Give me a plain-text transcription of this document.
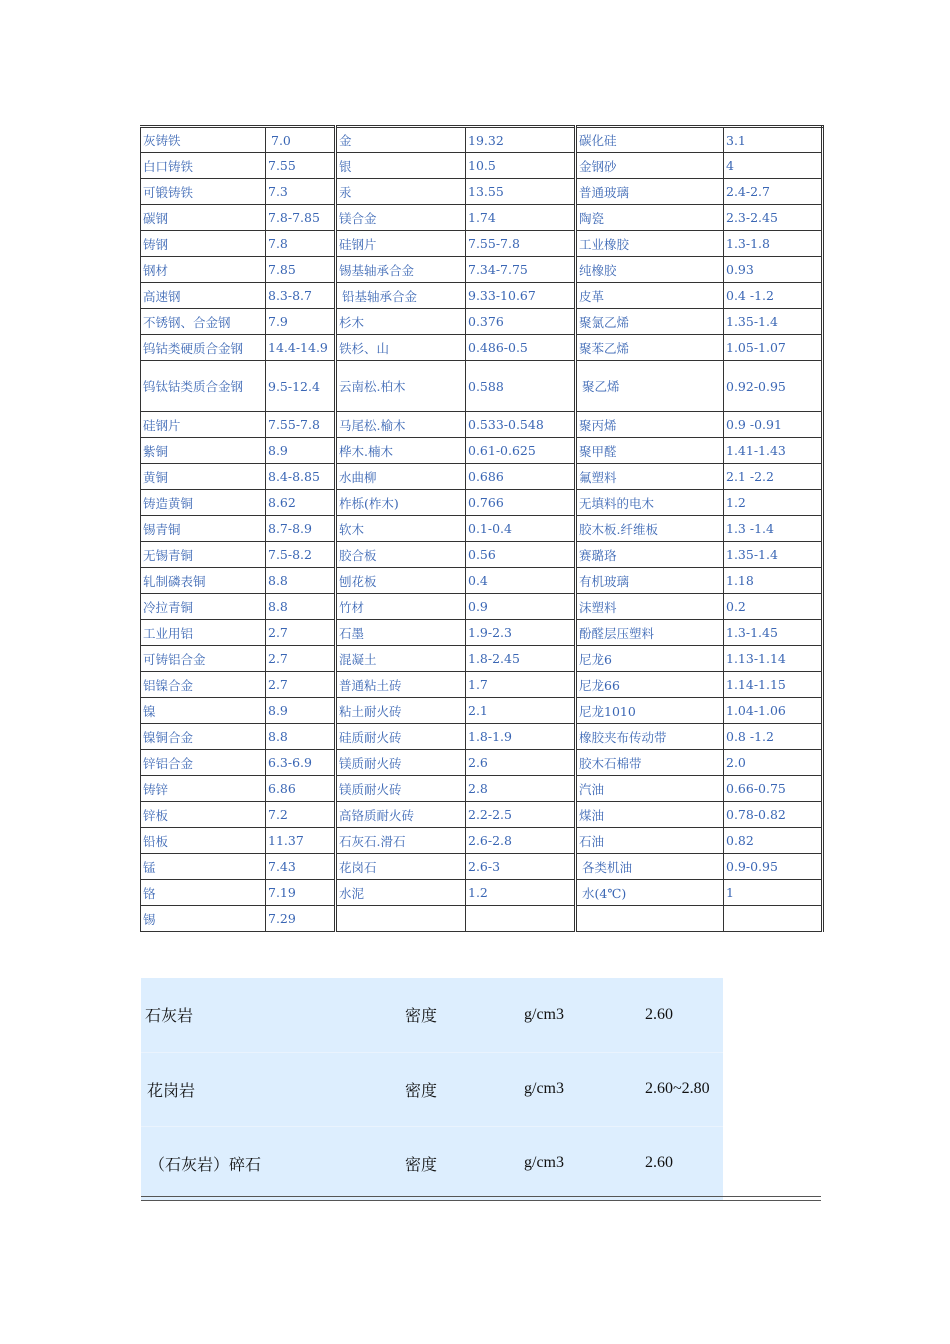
灰铸铁	7.0	金	19.32	碳化硅	3.1
白口铸铁	7.55	银	10.5	金钢砂	4
可锻铸铁	7.3	汞	13.55	普通玻璃	2.4-2.7
碳钢	7.8-7.85	镁合金	1.74	陶瓷	2.3-2.45
铸钢	7.8	硅钢片	7.55-7.8	工业橡胶	1.3-1.8
钢材	7.85	锡基轴承合金	7.34-7.75	纯橡胶	0.93
高速钢	8.3-8.7	铅基轴承合金	9.33-10.67	皮革	0.4 -1.2
不锈钢、合金钢	7.9	杉木	0.376	聚氯乙烯	1.35-1.4
钨钴类硬质合金钢	14.4-14.9	铁杉、山	0.486-0.5	聚苯乙烯	1.05-1.07
钨钛钴类质合金钢	9.5-12.4	云南松.柏木	0.588	聚乙烯	0.92-0.95
硅钢片	7.55-7.8	马尾松.榆木	0.533-0.548	聚丙烯	0.9 -0.91
紫铜	8.9	桦木.楠木	0.61-0.625	聚甲醛	1.41-1.43
黄铜	8.4-8.85	水曲柳	0.686	氟塑料	2.1 -2.2
铸造黄铜	8.62	柞栎(柞木)	0.766	无填料的电木	1.2
锡青铜	8.7-8.9	软木	0.1-0.4	胶木板.纤维板	1.3 -1.4
无锡青铜	7.5-8.2	胶合板	0.56	赛璐珞	1.35-1.4
轧制磷表铜	8.8	刨花板	0.4	有机玻璃	1.18
冷拉青铜	8.8	竹材	0.9	沫塑料	0.2
工业用铝	2.7	石墨	1.9-2.3	酚醛层压塑料	1.3-1.45
可铸铝合金	2.7	混凝土	1.8-2.45	尼龙6	1.13-1.14
铝镍合金	2.7	普通粘土砖	1.7	尼龙66	1.14-1.15
镍	8.9	粘土耐火砖	2.1	尼龙1010	1.04-1.06
镍铜合金	8.8	硅质耐火砖	1.8-1.9	橡胶夹布传动带	0.8 -1.2
锌铝合金	6.3-6.9	镁质耐火砖	2.6	胶木石棉带	2.0
铸锌	6.86	镁质耐火砖	2.8	汽油	0.66-0.75
锌板	7.2	高铬质耐火砖	2.2-2.5	煤油	0.78-0.82
铅板	11.37	石灰石.滑石	2.6-2.8	石油	0.82
锰	7.43	花岗石	2.6-3	各类机油	0.9-0.95
铬	7.19	水泥	1.2	水(4℃)	1
锡	7.29				
石灰岩	密度	g/cm3	2.60	
花岗岩	密度	g/cm3	2.60~2.80	
（石灰岩）碎石	密度	g/cm3	2.60	
